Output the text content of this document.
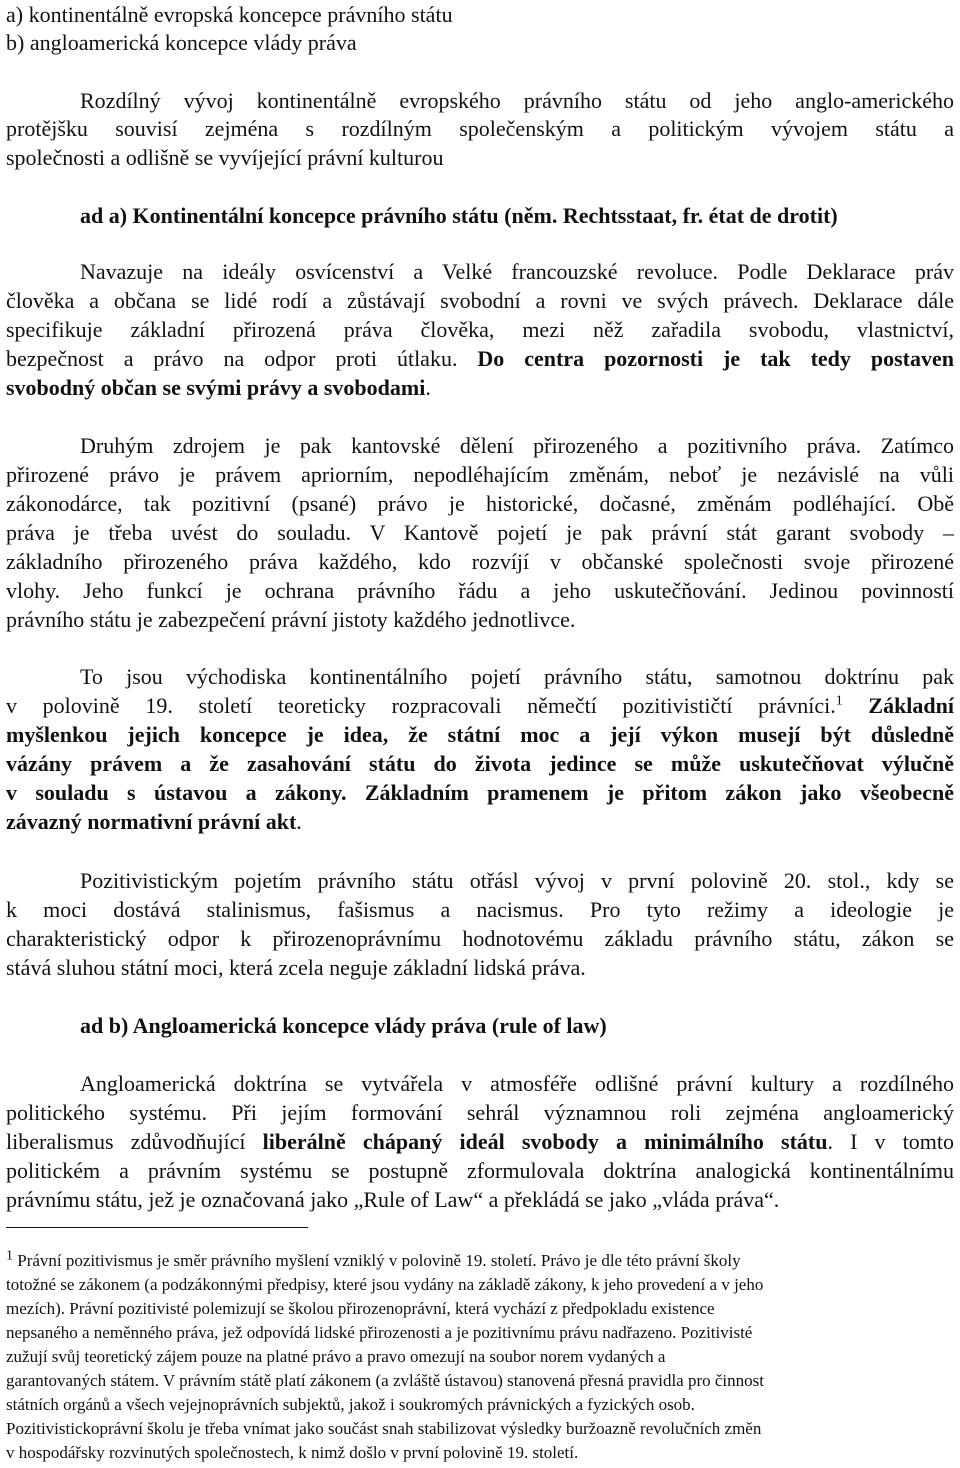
a) kontinentálně evropská koncepce právního státu
b) angloamerická koncepce vlády práva
Rozdílný vývoj kontinentálně evropského právního státu od jeho anglo-amerického
protějšku souvisí zejména s rozdílným společenským a politickým vývojem státu a
společnosti a odlišně se vyvíjející právní kulturou
ad a) Kontinentální koncepce právního státu (něm. Rechtsstaat, fr. état de drotit)
Navazuje na ideály osvícenství a Velké francouzské revoluce. Podle Deklarace práv
člověka a občana se lidé rodí a zůstávají svobodní a rovni ve svých právech. Deklarace dále
specifikuje základní přirozená práva člověka, mezi něž zařadila svobodu, vlastnictví,
bezpečnost a právo na odpor proti útlaku. Do centra pozornosti je tak tedy postaven
svobodný občan se svými právy a svobodami.
Druhým zdrojem je pak kantovské dělení přirozeného a pozitivního práva. Zatímco
přirozené právo je právem apriorním, nepodléhajícím změnám, neboť je nezávislé na vůli
zákonodárce, tak pozitivní (psané) právo je historické, dočasné, změnám podléhající. Obě
práva je třeba uvést do souladu. V Kantově pojetí je pak právní stát garant svobody –
základního přirozeného práva každého, kdo rozvíjí v občanské společnosti svoje přirozené
vlohy. Jeho funkcí je ochrana právního řádu a jeho uskutečňování. Jedinou povinností
právního státu je zabezpečení právní jistoty každého jednotlivce.
To jsou východiska kontinentálního pojetí právního státu, samotnou doktrínu pak
v polovině 19. století teoreticky rozpracovali němečtí pozitivističtí právníci.$^1$ Základní
myšlenkou jejich koncepce je idea, že státní moc a její výkon musejí být důsledně
vázány právem a že zasahování státu do života jedince se může uskutečňovat výlučně
v souladu s ústavou a zákony. Základním pramenem je přitom zákon jako všeobecně
závazný normativní právní akt.
Pozitivistickým pojetím právního státu otřásl vývoj v první polovině 20. stol., kdy se
k moci dostává stalinismus, fašismus a nacismus. Pro tyto režimy a ideologie je
charakteristický odpor k přirozenoprávnímu hodnotovému základu právního státu, zákon se
stává sluhou státní moci, která zcela neguje základní lidská práva.
ad b) Angloamerická koncepce vlády práva (rule of law)
Angloamerická doktrína se vytvářela v atmosféře odlišné právní kultury a rozdílného
politického systému. Při jejím formování sehrál významnou roli zejména angloamerický
liberalismus zdůvodňující liberálně chápaný ideál svobody a minimálního státu. I v tomto
politickém a právním systému se postupně zformulovala doktrína analogická kontinentálnímu
právnímu státu, jež je označovaná jako „Rule of Law“ a překládá se jako „vláda práva“.
$^1$ Právní pozitivismus je směr právního myšlení vzniklý v polovině 19. století. Právo je dle této právní školy
totožné se zákonem (a podzákonnými předpisy, které jsou vydány na základě zákony, k jeho provedení a v jeho
mezích). Právní pozitivisté polemizují se školou přirozenoprávní, která vychází z předpokladu existence
nepsaného a neměnného práva, jež odpovídá lidské přirozenosti a je pozitivnímu právu nadřazeno. Pozitivisté
zužují svůj teoretický zájem pouze na platné právo a pravo omezují na soubor norem vydaných a
garantovaných státem. V právním státě platí zákonem (a zvláště ústavou) stanovená přesná pravidla pro činnost
státních orgánů a všech vejejnoprávních subjektů, jakož i soukromých právnických a fyzických osob.
Pozitivistickoprávní školu je třeba vnímat jako součást snah stabilizovat výsledky buržoazně revolučních změn
v hospodářsky rozvinutých společnostech, k nimž došlo v první polovině 19. století.
